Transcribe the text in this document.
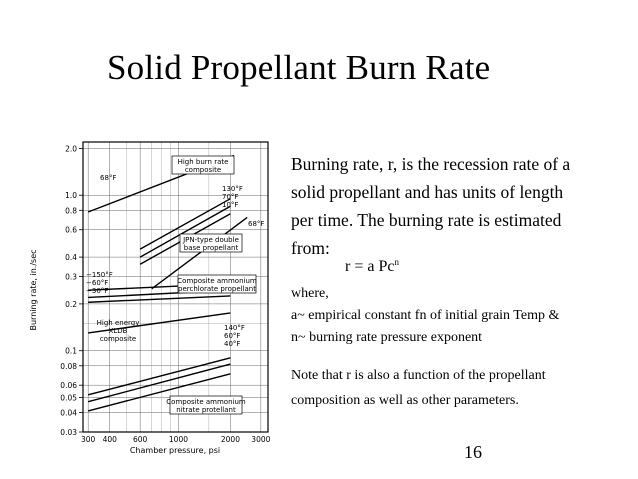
Solid Propellant Burn Rate
300 400 600	1000	2000 3000
0.03
0.04
0.05
0.06
0.08
0.1
0.2
0.3
0.4
0.6
0.8
1.0
2.0
High burn rate
composite
68°F
130°F
70°F
10°F
68°F
JPN-type double
base propellant
−150°F
−60°F
−30°F
Composite ammonium
perchlorate propellant
High energy
XLDB
composite
140°F
60°F
40°F
Composite ammonium
nitrate protellant
Chamber pressure, psi
Burning rate, in./sec
Burning rate, r, is the recession rate of a
solid propellant and has units of length
per time. The burning rate is estimated
from:
r = a Pc$^n$
where,
a~ empirical constant fn of initial grain Temp &
n~ burning rate pressure exponent
Note that r is also a function of the propellant
composition as well as other parameters.
16
